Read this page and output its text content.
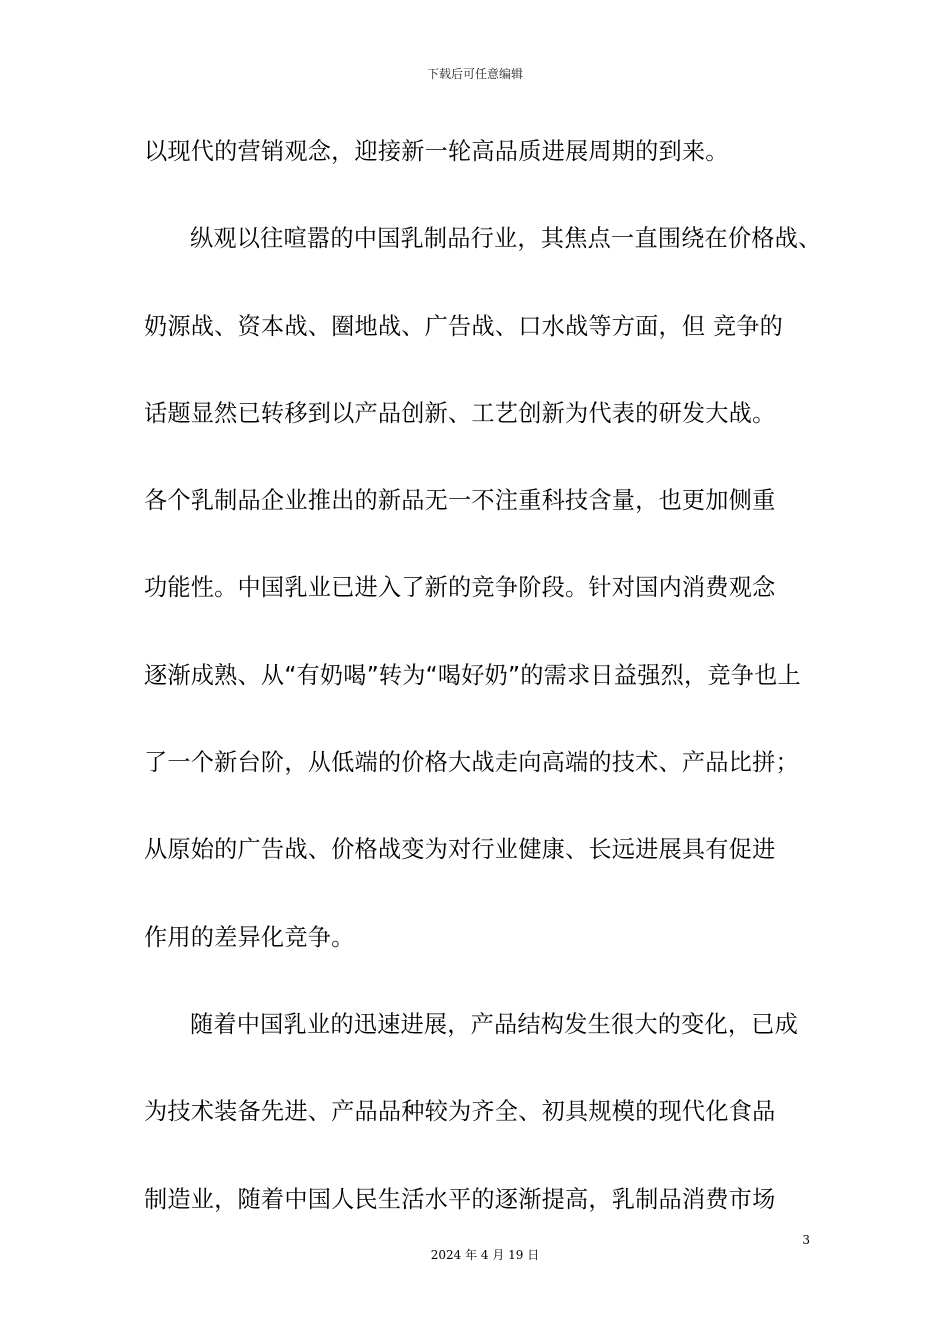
下载后可任意编辑
以现代的营销观念，迎接新一轮高品质进展周期的到来。
纵观以往喧嚣的中国乳制品行业，其焦点一直围绕在价格战、
奶源战、资本战、圈地战、广告战、口水战等方面，但 竞争的
话题显然已转移到以产品创新、工艺创新为代表的研发大战。
各个乳制品企业推出的新品无一不注重科技含量，也更加侧重
功能性。中国乳业已进入了新的竞争阶段。针对国内消费观念
逐渐成熟、从“有奶喝”转为“喝好奶”的需求日益强烈，竞争也上
了一个新台阶，从低端的价格大战走向高端的技术、产品比拼；
从原始的广告战、价格战变为对行业健康、长远进展具有促进
作用的差异化竞争。
随着中国乳业的迅速进展，产品结构发生很大的变化，已成
为技术装备先进、产品品种较为齐全、初具规模的现代化食品
制造业，随着中国人民生活水平的逐渐提高，乳制品消费市场
3
2024 年 4 月 19 日
